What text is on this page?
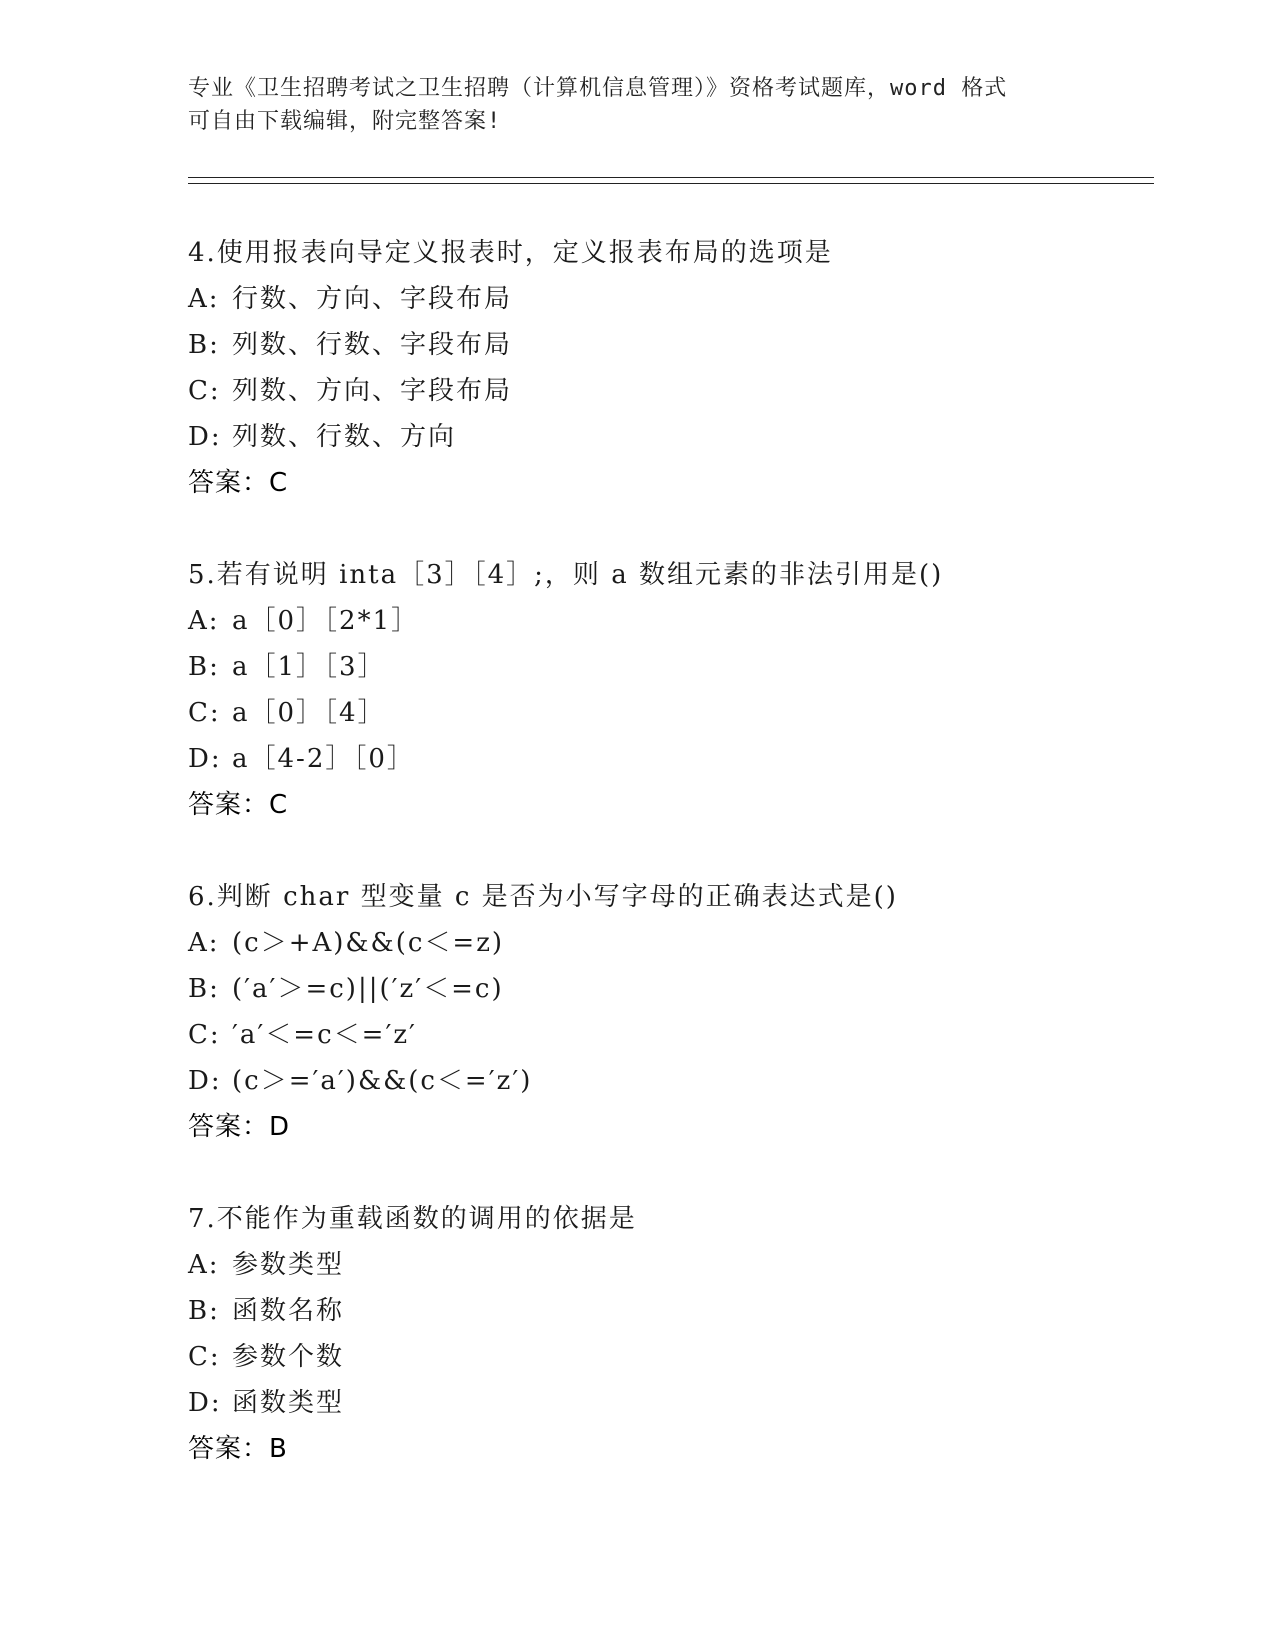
专业《卫生招聘考试之卫生招聘（计算机信息管理）》资格考试题库，word 格式
可自由下载编辑，附完整答案!
4.使用报表向导定义报表时，定义报表布局的选项是
A: 行数、方向、字段布局
B: 列数、行数、字段布局
C: 列数、方向、字段布局
D: 列数、行数、方向
答案：C
5.若有说明 inta［3］［4］;，则 a 数组元素的非法引用是()
A: a［0］［2*1］
B: a［1］［3］
C: a［0］［4］
D: a［4-2］［0］
答案：C
6.判断 char 型变量 c 是否为小写字母的正确表达式是()
A: (c＞+A)&&(c＜=z)
B: (′a′＞=c)||(′z′＜=c)
C: ′a′＜=c＜=′z′
D: (c＞=′a′)&&(c＜=′z′)
答案：D
7.不能作为重载函数的调用的依据是
A: 参数类型
B: 函数名称
C: 参数个数
D: 函数类型
答案：B
